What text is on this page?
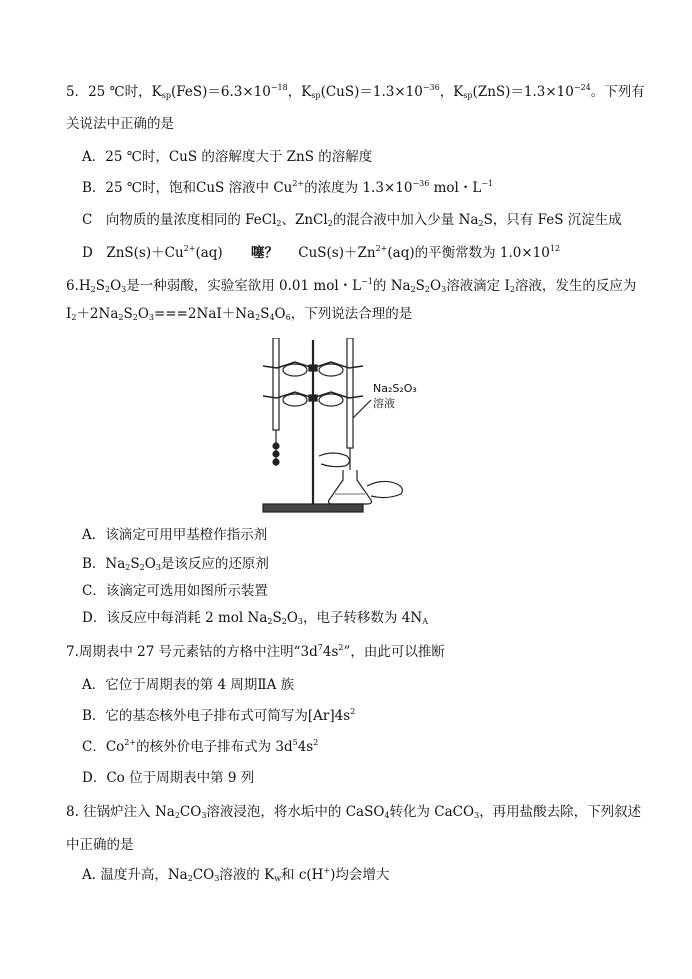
5．25 ℃时，$K_{sp}(FeS)=6.3\times 10^{-18}$，$K_{sp}(CuS)=1.3\times 10^{-36}$，$K_{sp}(ZnS)=1.3\times 10^{-24}$。下列有
关说法中正确的是
A．25 ℃时，CuS 的溶解度大于 ZnS 的溶解度
B．25 ℃时，饱和CuS 溶液中 $Cu^{2+}$的浓度为 $1.3\times 10^{-36}$ mol・$L^{-1}$
C　向物质的量浓度相同的 FeCl$_2$、ZnCl$_2$的混合液中加入少量 $Na_2S$，只有 FeS 沉淀生成
D　$ZnS(s)+Cu^{2+}(aq)$ 噻？ $CuS(s)+Zn^{2+}(aq)$的平衡常数为 $1.0\times 10^{12}$
$6.H_2S_2O_3$是一种弱酸，实验室欲用 0.01 mol・$L^{-1}$的 $Na_2S_2O_3$溶液滴定 $I_2$溶液，发生的反应为
$I_2+2Na_2S_2O_3===2NaI+Na_2S_4O_6$，下列说法合理的是
Na₂S₂O₃
溶液
A．该滴定可用甲基橙作指示剂
B．$Na_2S_2O_3$是该反应的还原剂
C．该滴定可选用如图所示装置
D．该反应中每消耗 2 mol $Na_2S_2O_3$，电子转移数为 $4N_A$
7.周期表中 27 号元素钴的方格中注明“$3d^74s^2$”，由此可以推断
A．它位于周期表的第 4 周期ⅡA 族
B．它的基态核外电子排布式可简写为$[Ar]4s^2$
C．$Co^{2+}$的核外价电子排布式为 $3d^54s^2$
D．Co 位于周期表中第 9 列
8. 往锅炉注入 $Na_2CO_3$溶液浸泡，将水垢中的 CaSO$_4$转化为 CaCO$_3$，再用盐酸去除，下列叙述
中正确的是
A. 温度升高，$Na_2CO_3$溶液的 $K_w$和 c(H+)均会增大
